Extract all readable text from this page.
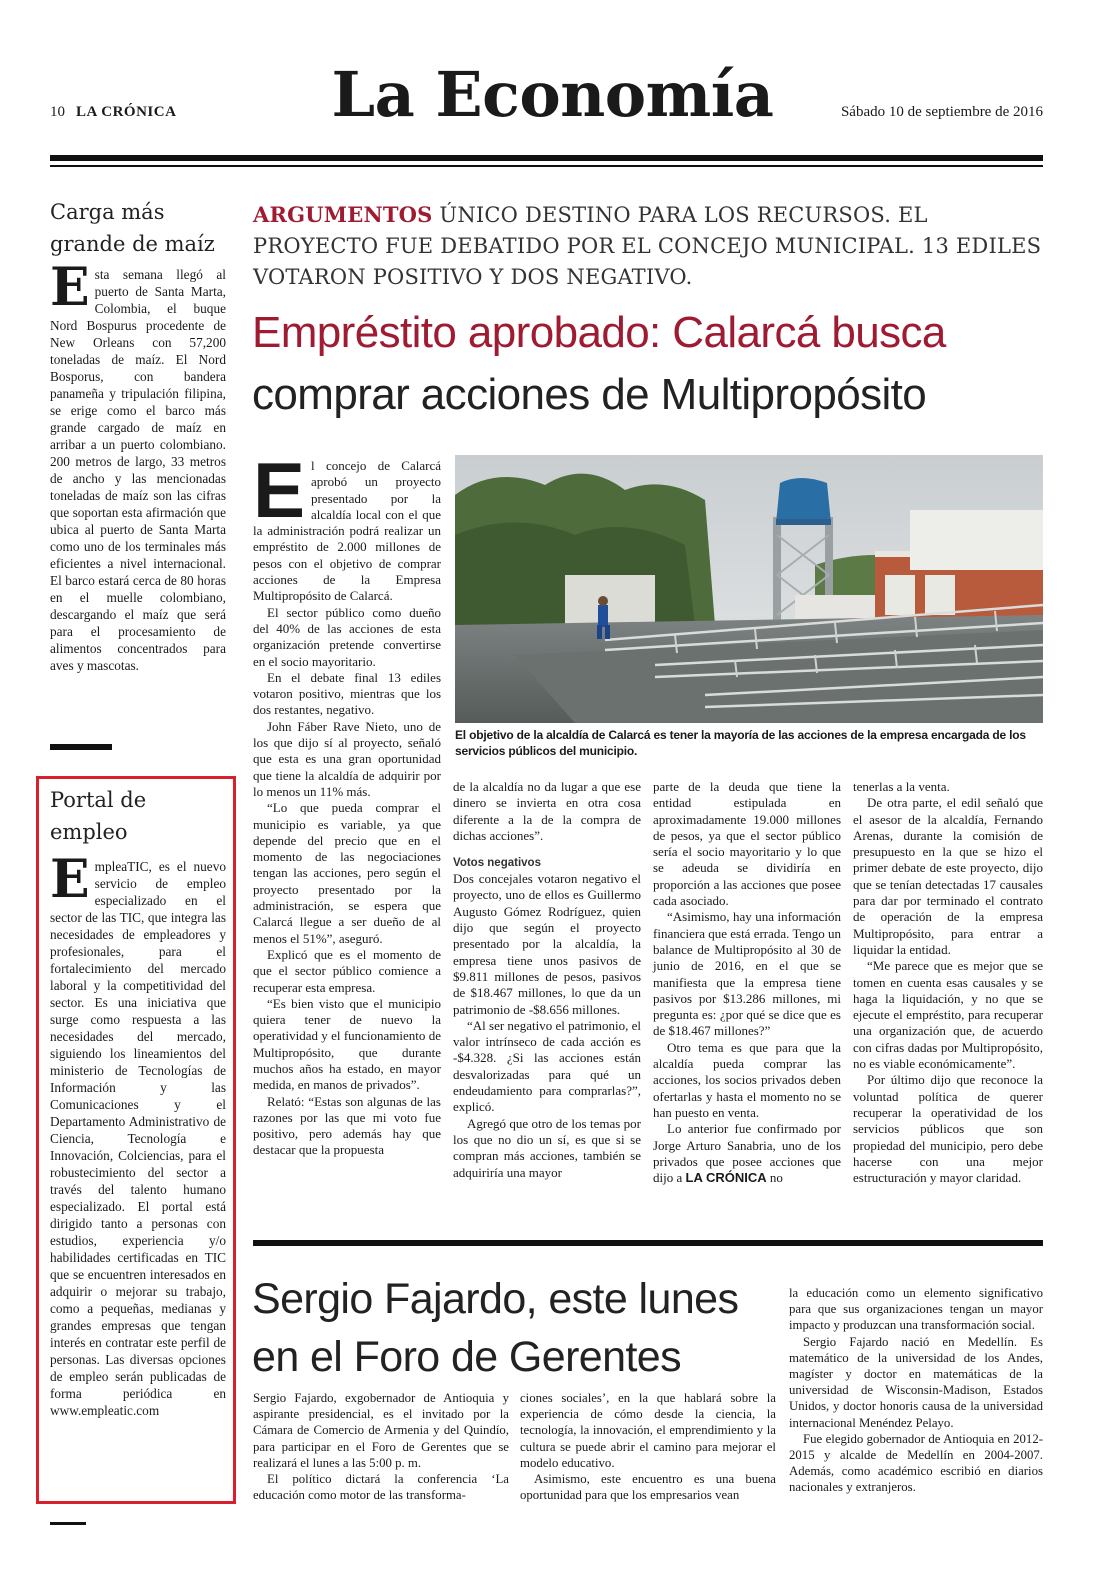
10 LA CRÓNICA	La Economía	Sábado 10 de septiembre de 2016
Carga más
grande de maíz
E sta semana llegó al puerto de Santa Marta, Colombia, el buque Nord Bospurus procedente de New Orleans con 57,200 toneladas de maíz. El Nord Bosporus, con bandera panameña y tripulación filipina, se erige como el barco más grande cargado de maíz en arribar a un puerto colombiano. 200 metros de largo, 33 metros de ancho y las mencionadas toneladas de maíz son las cifras que soportan esta afirmación que ubica al puerto de Santa Marta como uno de los terminales más eficientes a nivel internacional. El barco estará cerca de 80 horas en el muelle colombiano, descargando el maíz que será para el procesamiento de alimentos concentrados para aves y mascotas.
Portal de
empleo
E mpleaTIC, es el nuevo servicio de empleo especializado en el sector de las TIC, que integra las necesidades de empleadores y profesionales, para el fortalecimiento del mercado laboral y la competitividad del sector. Es una iniciativa que surge como respuesta a las necesidades del mercado, siguiendo los lineamientos del ministerio de Tecnologías de Información y las Comunicaciones y el Departamento Administrativo de Ciencia, Tecnología e Innovación, Colciencias, para el robustecimiento del sector a través del talento humano especializado. El portal está dirigido tanto a personas con estudios, experiencia y/o habilidades certificadas en TIC que se encuentren interesados en adquirir o mejorar su trabajo, como a pequeñas, medianas y grandes empresas que tengan interés en contratar este perfil de personas. Las diversas opciones de empleo serán publicadas de forma periódica en www.empleatic.com
ARGUMENTOS ÚNICO DESTINO PARA LOS RECURSOS. EL PROYECTO FUE DEBATIDO POR EL CONCEJO MUNICIPAL. 13 EDILES VOTARON POSITIVO Y DOS NEGATIVO.
Empréstito aprobado: Calarcá busca
comprar acciones de Multipropósito
El objetivo de la alcaldía de Calarcá es tener la mayoría de las acciones de la empresa encargada de los servicios públicos del municipio.
E l concejo de Calarcá aprobó un proyecto presentado por la alcaldía local con el que la administración podrá realizar un empréstito de 2.000 millones de pesos con el objetivo de comprar acciones de la Empresa Multipropósito de Calarcá.

El sector público como dueño del 40% de las acciones de esta organización pretende convertirse en el socio mayoritario.

En el debate final 13 ediles votaron positivo, mientras que los dos restantes, negativo.

John Fáber Rave Nieto, uno de los que dijo sí al proyecto, señaló que esta es una gran oportunidad que tiene la alcaldía de adquirir por lo menos un 11% más.

“Lo que pueda comprar el municipio es variable, ya que depende del precio que en el momento de las negociaciones tengan las acciones, pero según el proyecto presentado por la administración, se espera que Calarcá llegue a ser dueño de al menos el 51%”, aseguró.

Explicó que es el momento de que el sector público comience a recuperar esta empresa.

“Es bien visto que el municipio quiera tener de nuevo la operatividad y el funcionamiento de Multipropósito, que durante muchos años ha estado, en mayor medida, en manos de privados”.

Relató: “Estas son algunas de las razones por las que mi voto fue positivo, pero además hay que destacar que la propuesta

de la alcaldía no da lugar a que ese dinero se invierta en otra cosa diferente a la de la compra de dichas acciones”.

Votos negativos

Dos concejales votaron negativo el proyecto, uno de ellos es Guillermo Augusto Gómez Rodríguez, quien dijo que según el proyecto presentado por la alcaldía, la empresa tiene unos pasivos de $9.811 millones de pesos, pasivos de $18.467 millones, lo que da un patrimonio de -$8.656 millones.

“Al ser negativo el patrimonio, el valor intrínseco de cada acción es -$4.328. ¿Si las acciones están desvalorizadas para qué un endeudamiento para comprarlas?”, explicó.

Agregó que otro de los temas por los que no dio un sí, es que si se compran más acciones, también se adquiriría una mayor

parte de la deuda que tiene la entidad estipulada en aproximadamente 19.000 millones de pesos, ya que el sector público sería el socio mayoritario y lo que se adeuda se dividiría en proporción a las acciones que posee cada asociado.

“Asimismo, hay una información financiera que está errada. Tengo un balance de Multipropósito al 30 de junio de 2016, en el que se manifiesta que la empresa tiene pasivos por $13.286 millones, mi pregunta es: ¿por qué se dice que es de $18.467 millones?”

Otro tema es que para que la alcaldía pueda comprar las acciones, los socios privados deben ofertarlas y hasta el momento no se han puesto en venta.

Lo anterior fue confirmado por Jorge Arturo Sanabria, uno de los privados que posee acciones que dijo a LA CRÓNICA no

tenerlas a la venta.

De otra parte, el edil señaló que el asesor de la alcaldía, Fernando Arenas, durante la comisión de presupuesto en la que se hizo el primer debate de este proyecto, dijo que se tenían detectadas 17 causales para dar por terminado el contrato de operación de la empresa Multipropósito, para entrar a liquidar la entidad.

“Me parece que es mejor que se tomen en cuenta esas causales y se haga la liquidación, y no que se ejecute el empréstito, para recuperar una organización que, de acuerdo con cifras dadas por Multipropósito, no es viable económicamente”.

Por último dijo que reconoce la voluntad política de querer recuperar la operatividad de los servicios públicos que son propiedad del municipio, pero debe hacerse con una mejor estructuración y mayor claridad.

Sergio Fajardo, este lunes
en el Foro de Gerentes

Sergio Fajardo, exgobernador de Antioquia y aspirante presidencial, es el invitado por la Cámara de Comercio de Armenia y del Quindío, para participar en el Foro de Gerentes que se realizará el lunes a las 5:00 p. m.

El político dictará la conferencia ‘La educación como motor de las transforma-

ciones sociales’, en la que hablará sobre la experiencia de cómo desde la ciencia, la tecnología, la innovación, el emprendimiento y la cultura se puede abrir el camino para mejorar el modelo educativo.

Asimismo, este encuentro es una buena oportunidad para que los empresarios vean

la educación como un elemento significativo para que sus organizaciones tengan un mayor impacto y produzcan una transformación social.

Sergio Fajardo nació en Medellín. Es matemático de la universidad de los Andes, magíster y doctor en matemáticas de la universidad de Wisconsin-Madison, Estados Unidos, y doctor honoris causa de la universidad internacional Menéndez Pelayo.

Fue elegido gobernador de Antioquia en 2012-2015 y alcalde de Medellín en 2004-2007. Además, como académico escribió en diarios nacionales y extranjeros.
